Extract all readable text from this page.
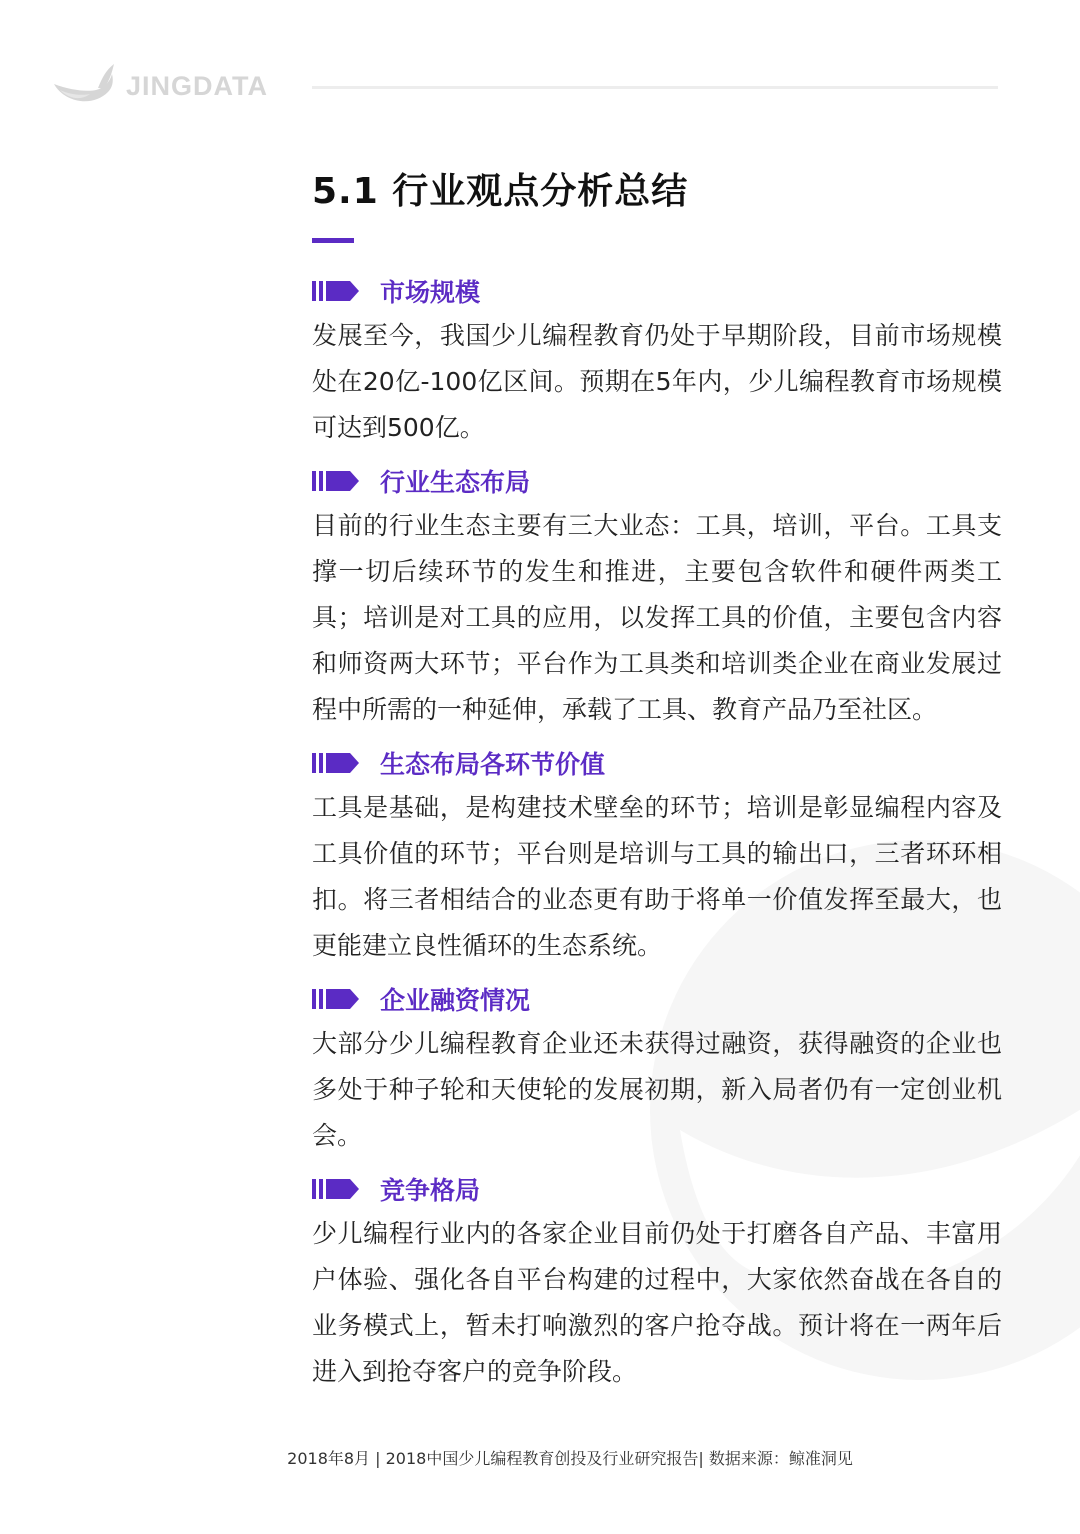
JINGDATA
5.1 行业观点分析总结
市场规模

发展至今，我国少儿编程教育仍处于早期阶段，目前市场规模处在20亿-100亿区间。预期在5年内，少儿编程教育市场规模可达到500亿。

行业生态布局

目前的行业生态主要有三大业态：工具，培训，平台。工具支撑一切后续环节的发生和推进，主要包含软件和硬件两类工具；培训是对工具的应用，以发挥工具的价值，主要包含内容和师资两大环节；平台作为工具类和培训类企业在商业发展过程中所需的一种延伸，承载了工具、教育产品乃至社区。

生态布局各环节价值

工具是基础，是构建技术壁垒的环节；培训是彰显编程内容及工具价值的环节；平台则是培训与工具的输出口，三者环环相扣。将三者相结合的业态更有助于将单一价值发挥至最大，也更能建立良性循环的生态系统。

企业融资情况

大部分少儿编程教育企业还未获得过融资，获得融资的企业也多处于种子轮和天使轮的发展初期，新入局者仍有一定创业机会。

竞争格局

少儿编程行业内的各家企业目前仍处于打磨各自产品、丰富用户体验、强化各自平台构建的过程中，大家依然奋战在各自的业务模式上，暂未打响激烈的客户抢夺战。预计将在一两年后进入到抢夺客户的竞争阶段。

2018年8月 | 2018中国少儿编程教育创投及行业研究报告| 数据来源：鲸准洞见
